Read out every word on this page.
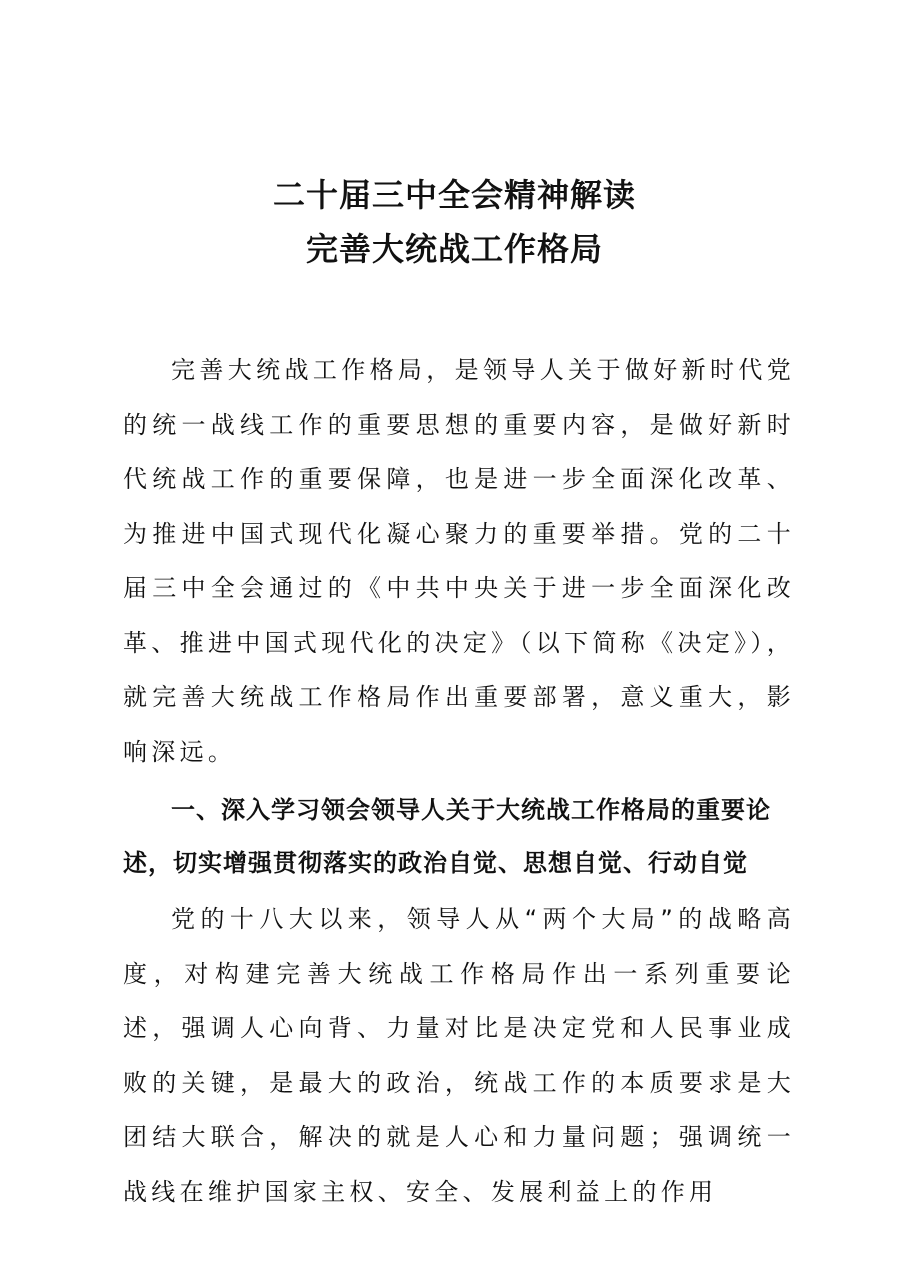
二十届三中全会精神解读
完善大统战工作格局

完善大统战工作格局，是领导人关于做好新时代党的统一战线工作的重要思想的重要内容，是做好新时代统战工作的重要保障，也是进一步全面深化改革、为推进中国式现代化凝心聚力的重要举措。党的二十届三中全会通过的《中共中央关于进一步全面深化改革、推进中国式现代化的决定》（以下简称《决定》），就完善大统战工作格局作出重要部署，意义重大，影响深远。

一、深入学习领会领导人关于大统战工作格局的重要论述，切实增强贯彻落实的政治自觉、思想自觉、行动自觉

党的十八大以来，领导人从“两个大局”的战略高度，对构建完善大统战工作格局作出一系列重要论述，强调人心向背、力量对比是决定党和人民事业成败的关键，是最大的政治，统战工作的本质要求是大团结大联合，解决的就是人心和力量问题；强调统一战线在维护国家主权、安全、发展利益上的作用
